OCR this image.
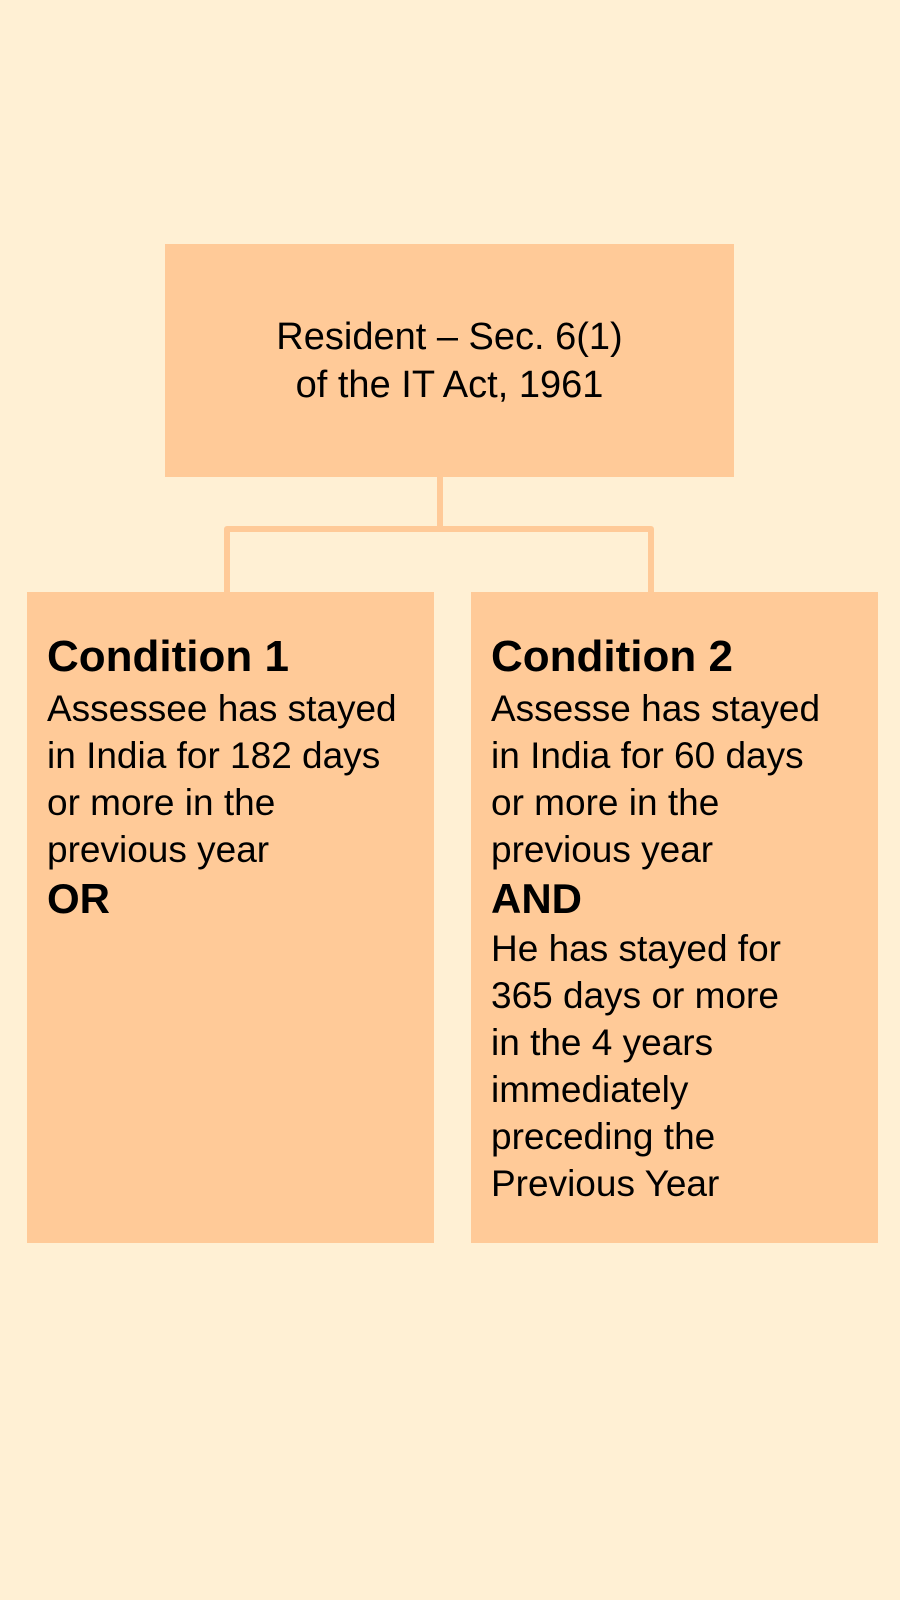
Resident – Sec. 6(1)
of the IT Act, 1961
Condition 1
Assessee has stayed
in India for 182 days
or more in the
previous year
OR
Condition 2
Assesse has stayed
in India for 60 days
or more in the
previous year
AND
He has stayed for
365 days or more
in the 4 years
immediately
preceding the
Previous Year
